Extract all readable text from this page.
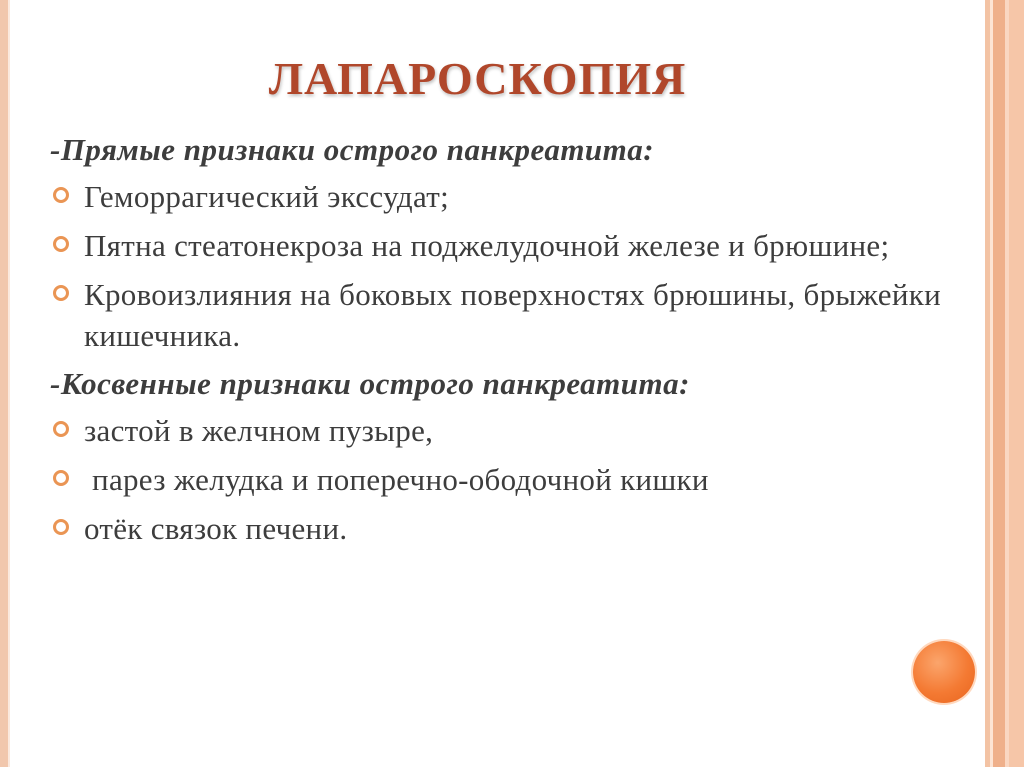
ЛАПАРОСКОПИЯ

-Прямые признаки острого панкреатита:

Геморрагический экссудат;
Пятна стеатонекроза на поджелудочной железе и брюшине;
Кровоизлияния на боковых поверхностях брюшины, брыжейки кишечника.

-Косвенные признаки острого панкреатита:

застой в желчном пузыре,
парез желудка и поперечно-ободочной кишки
отёк связок печени.
